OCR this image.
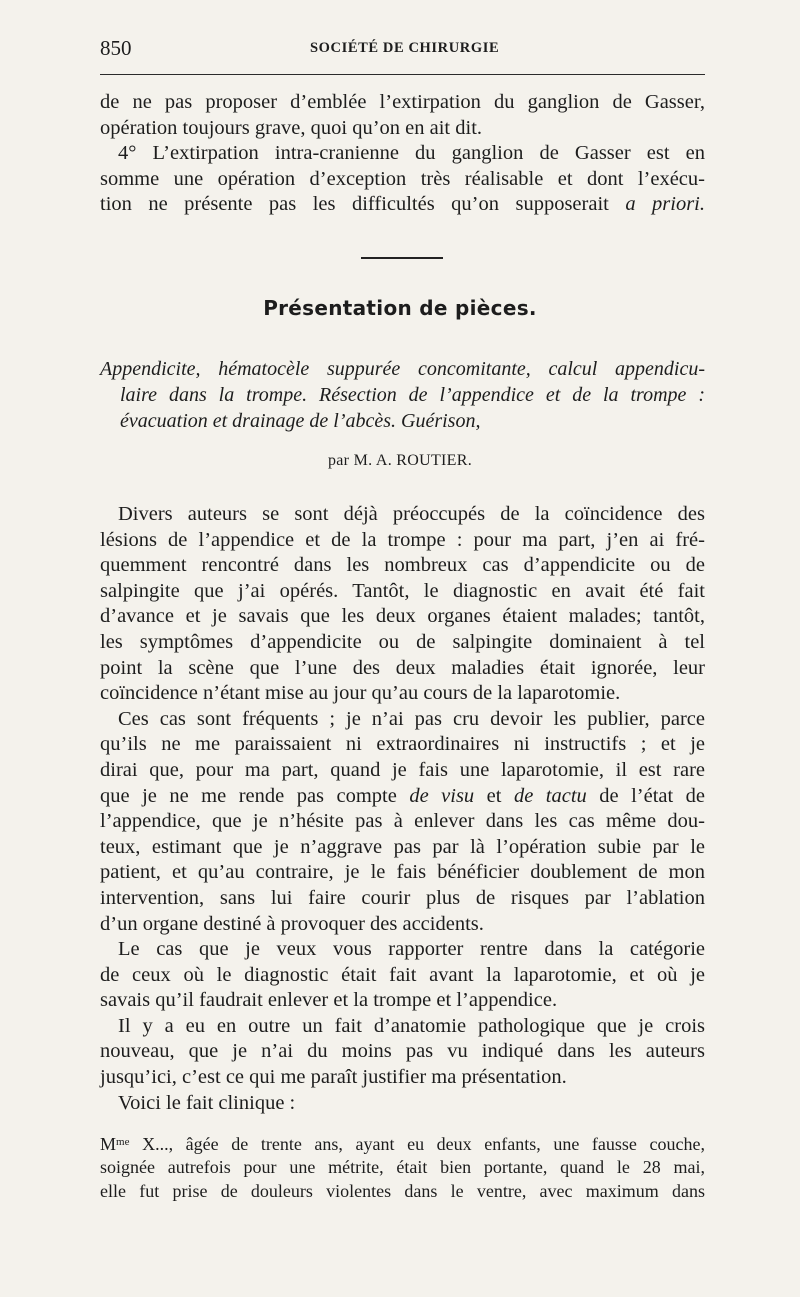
850	SOCIÉTÉ DE CHIRURGIE
de ne pas proposer d’emblée l’extirpation du ganglion de Gasser,
opération toujours grave, quoi qu’on en ait dit.
4° L’extirpation intra-cranienne du ganglion de Gasser est en
somme une opération d’exception très réalisable et dont l’exécu-
tion ne présente pas les difficultés qu’on supposerait a priori.
Présentation de pièces.
Appendicite, hématocèle suppurée concomitante, calcul appendicu-
laire dans la trompe. Résection de l’appendice et de la trompe :
évacuation et drainage de l’abcès. Guérison,
par M. A. ROUTIER.
Divers auteurs se sont déjà préoccupés de la coïncidence des
lésions de l’appendice et de la trompe : pour ma part, j’en ai fré-
quemment rencontré dans les nombreux cas d’appendicite ou de
salpingite que j’ai opérés. Tantôt, le diagnostic en avait été fait
d’avance et je savais que les deux organes étaient malades; tantôt,
les symptômes d’appendicite ou de salpingite dominaient à tel
point la scène que l’une des deux maladies était ignorée, leur
coïncidence n’étant mise au jour qu’au cours de la laparotomie.
Ces cas sont fréquents ; je n’ai pas cru devoir les publier, parce
qu’ils ne me paraissaient ni extraordinaires ni instructifs ; et je
dirai que, pour ma part, quand je fais une laparotomie, il est rare
que je ne me rende pas compte de visu et de tactu de l’état de
l’appendice, que je n’hésite pas à enlever dans les cas même dou-
teux, estimant que je n’aggrave pas par là l’opération subie par le
patient, et qu’au contraire, je le fais bénéficier doublement de mon
intervention, sans lui faire courir plus de risques par l’ablation
d’un organe destiné à provoquer des accidents.
Le cas que je veux vous rapporter rentre dans la catégorie
de ceux où le diagnostic était fait avant la laparotomie, et où je
savais qu’il faudrait enlever et la trompe et l’appendice.
Il y a eu en outre un fait d’anatomie pathologique que je crois
nouveau, que je n’ai du moins pas vu indiqué dans les auteurs
jusqu’ici, c’est ce qui me paraît justifier ma présentation.
Voici le fait clinique :
$M^{me}$ X..., âgée de trente ans, ayant eu deux enfants, une fausse couche,
soignée autrefois pour une métrite, était bien portante, quand le 28 mai,
elle fut prise de douleurs violentes dans le ventre, avec maximum dans
